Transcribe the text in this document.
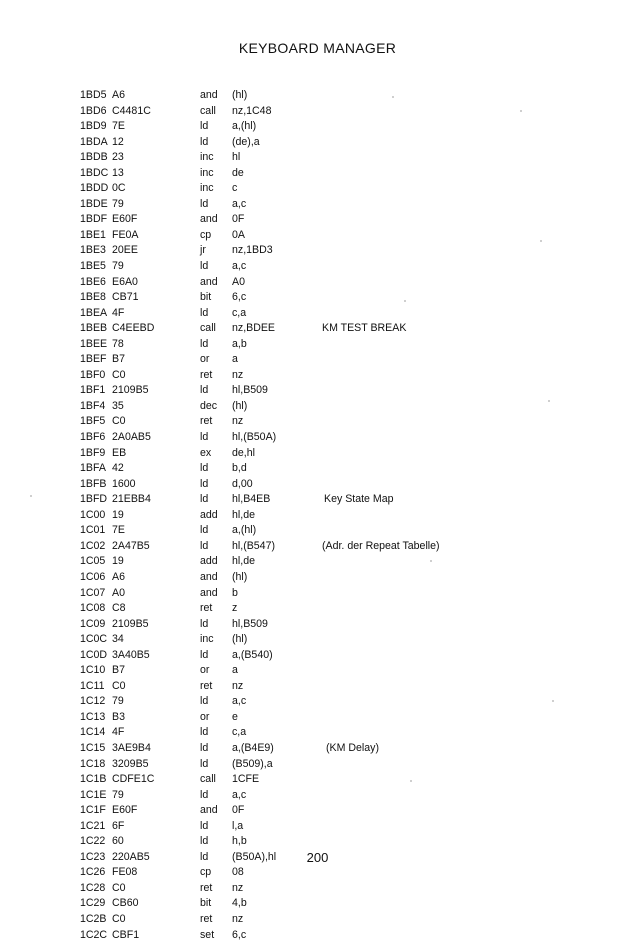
KEYBOARD MANAGER
1BD5 A6	and (hl)
1BD6 C4481C	call nz,1C48
1BD9 7E	ld a,(hl)
1BDA 12	ld (de),a
1BDB 23	inc hl
1BDC 13	inc de
1BDD 0C	inc c
1BDE 79	ld a,c
1BDF E60F	and 0F
1BE1 FE0A	cp 0A
1BE3 20EE	jr nz,1BD3
1BE5 79	ld a,c
1BE6 E6A0	and A0
1BE8 CB71	bit 6,c
1BEA 4F	ld c,a
1BEB C4EEBD	call nz,BDEE	KM TEST BREAK
1BEE 78	ld a,b
1BEF B7	or a
1BF0 C0	ret nz
1BF1 2109B5	ld hl,B509
1BF4 35	dec (hl)
1BF5 C0	ret nz
1BF6 2A0AB5	ld hl,(B50A)
1BF9 EB	ex de,hl
1BFA 42	ld b,d
1BFB 1600	ld d,00
1BFD 21EBB4	ld hl,B4EB	Key State Map
1C00 19	add hl,de
1C01 7E	ld a,(hl)
1C02 2A47B5	ld hl,(B547)	(Adr. der Repeat Tabelle)
1C05 19	add hl,de
1C06 A6	and (hl)
1C07 A0	and b
1C08 C8	ret z
1C09 2109B5	ld hl,B509
1C0C 34	inc (hl)
1C0D 3A40B5	ld a,(B540)
1C10 B7	or a
1C11 C0	ret nz
1C12 79	ld a,c
1C13 B3	or e
1C14 4F	ld c,a
1C15 3AE9B4	ld a,(B4E9)	(KM Delay)
1C18 3209B5	ld (B509),a
1C1B CDFE1C	call 1CFE
1C1E 79	ld a,c
1C1F E60F	and 0F
1C21 6F	ld l,a
1C22 60	ld h,b
1C23 220AB5	ld (B50A),hl
1C26 FE08	cp 08
1C28 C0	ret nz
1C29 CB60	bit 4,b
1C2B C0	ret nz
1C2C CBF1	set 6,c
200
